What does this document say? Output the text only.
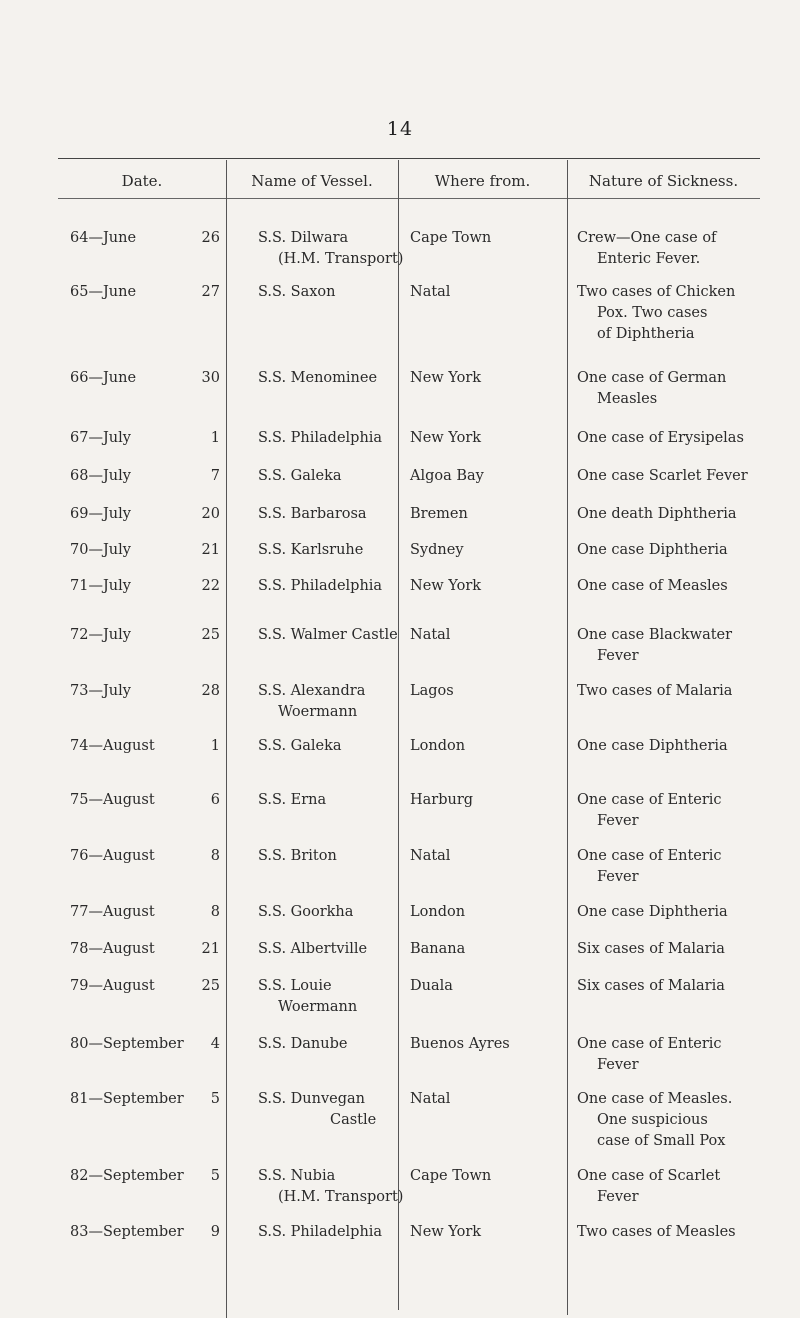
14
Date.	Name of Vessel.	Where from.	Nature of Sickness.
64—June	26	S.S. Dilwara
(H.M. Transport)
Cape Town	Crew—One case of
Enteric Fever.
65—June	27	S.S. Saxon	Natal	Two cases of Chicken
Pox. Two cases
of Diphtheria
66—June	30	S.S. Menominee	New York	One case of German
Measles
67—July	1	S.S. Philadelphia	New York	One case of Erysipelas
68—July	7	S.S. Galeka	Algoa Bay	One case Scarlet Fever
69—July	20	S.S. Barbarosa	Bremen	One death Diphtheria
70—July	21	S.S. Karlsruhe	Sydney	One case Diphtheria
71—July	22	S.S. Philadelphia	New York	One case of Measles
72—July	25	S.S. Walmer Castle Natal	One case Blackwater
Fever
73—July	28	S.S. Alexandra
Woermann
Lagos	Two cases of Malaria
74—August	1	S.S. Galeka	London	One case Diphtheria
75—August	6	S.S. Erna	Harburg	One case of Enteric
Fever
76—August	8	S.S. Briton	Natal	One case of Enteric
Fever
77—August	8	S.S. Goorkha	London	One case Diphtheria
78—August	21	S.S. Albertville	Banana	Six cases of Malaria
79—August	25	S.S. Louie
Woermann
Duala	Six cases of Malaria
80—September	4	S.S. Danube	Buenos Ayres	One case of Enteric
Fever
81—September	5	S.S. Dunvegan
Castle
Natal	One case of Measles.
One suspicious
case of Small Pox
82—September	5	S.S. Nubia
(H.M. Transport)
Cape Town	One case of Scarlet
Fever
83—September	9	S.S. Philadelphia	New York	Two cases of Measles
